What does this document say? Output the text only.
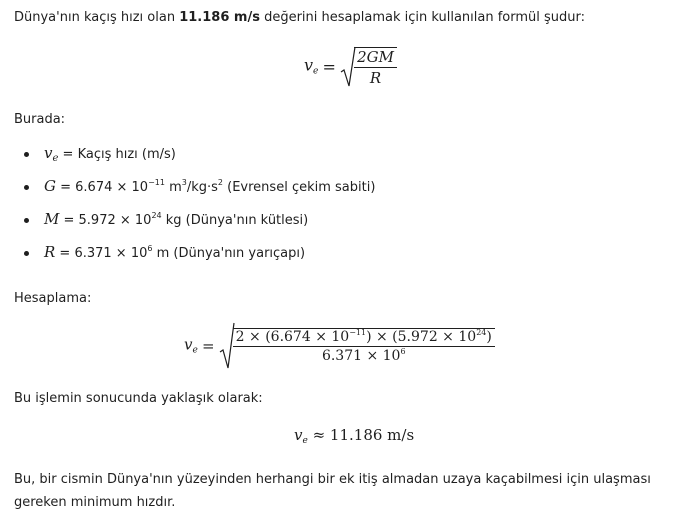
Dünya'nın kaçış hızı olan 11.186 m/s değerini hesaplamak için kullanılan formül şudur:

$v_e = \frac{2GM}{R}$

Burada:

$v_e$ = Kaçış hızı (m/s)
$G = 6.674 \times 10^{-11}$ $m^3/kg\cdot s^2$ (Evrensel çekim sabiti)
$M = 5.972 \times 10^{24}$ kg (Dünya'nın kütlesi)
$R = 6.371 \times 10^6$ m (Dünya'nın yarıçapı)

Hesaplama:

$v_e = \frac{2 \times (6.674 \times 10^{-11}) \times (5.972 \times 10^{24})}{6.371 \times 10^6}$

Bu işlemin sonucunda yaklaşık olarak:

$v_e \approx 11.186$ m/s

Bu, bir cismin Dünya'nın yüzeyinden herhangi bir ek itiş almadan uzaya kaçabilmesi için ulaşması gereken minimum hızdır.
